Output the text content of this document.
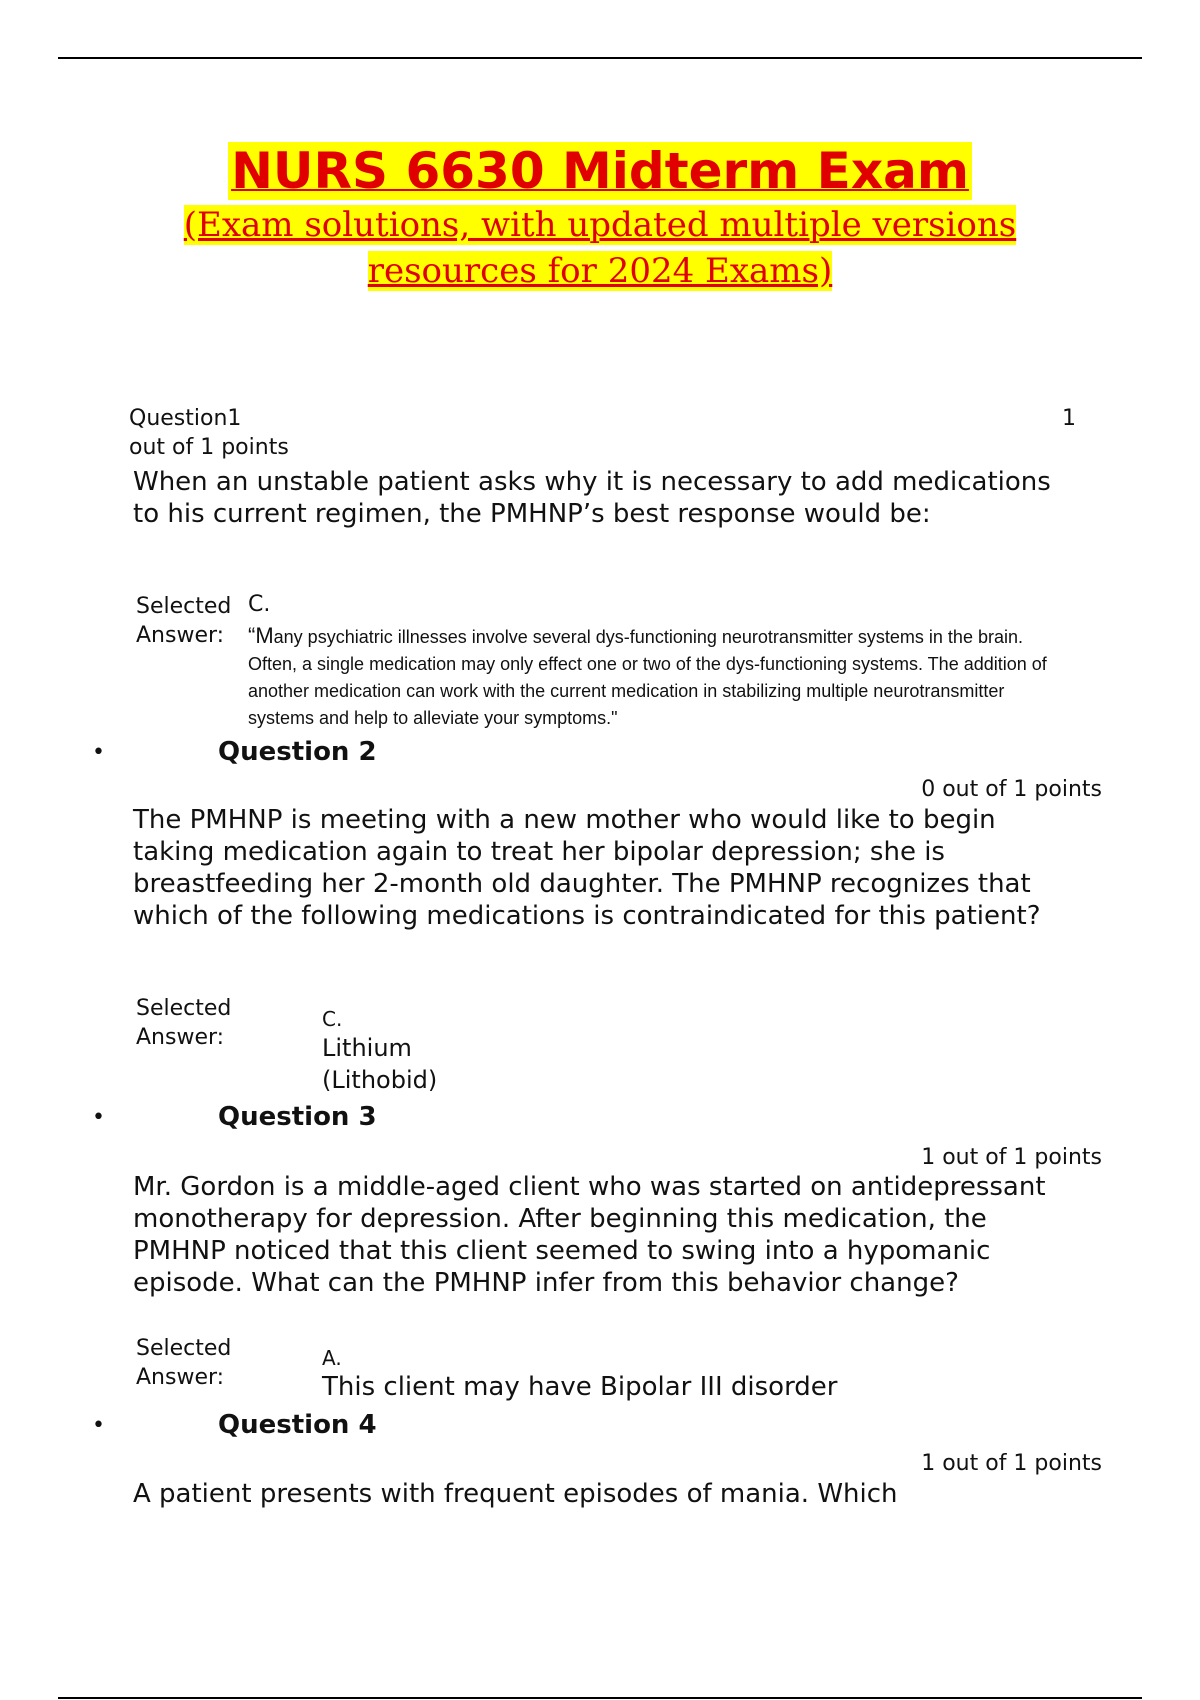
NURS 6630 Midterm Exam
(Exam solutions, with updated multiple versions
resources for 2024 Exams)
Question1	1
out of 1 points
When an unstable patient asks why it is necessary to add medications to his current regimen, the PMHNP’s best response would be:
Selected
Answer:
C.
“Many psychiatric illnesses involve several dys-functioning neurotransmitter systems in the brain. Often, a single medication may only effect one or two of the dys-functioning systems. The addition of another medication can work with the current medication in stabilizing multiple neurotransmitter systems and help to alleviate your symptoms."
•	Question 2
0 out of 1 points
The PMHNP is meeting with a new mother who would like to begin taking medication again to treat her bipolar depression; she is breastfeeding her 2-month old daughter. The PMHNP recognizes that which of the following medications is contraindicated for this patient?
Selected
Answer:
C.
Lithium (Lithobid)
•	Question 3
1 out of 1 points
Mr. Gordon is a middle-aged client who was started on antidepressant monotherapy for depression. After beginning this medication, the PMHNP noticed that this client seemed to swing into a hypomanic episode. What can the PMHNP infer from this behavior change?
Selected
Answer:
A.
This client may have Bipolar III disorder
•	Question 4
1 out of 1 points
A patient presents with frequent episodes of mania. Which
